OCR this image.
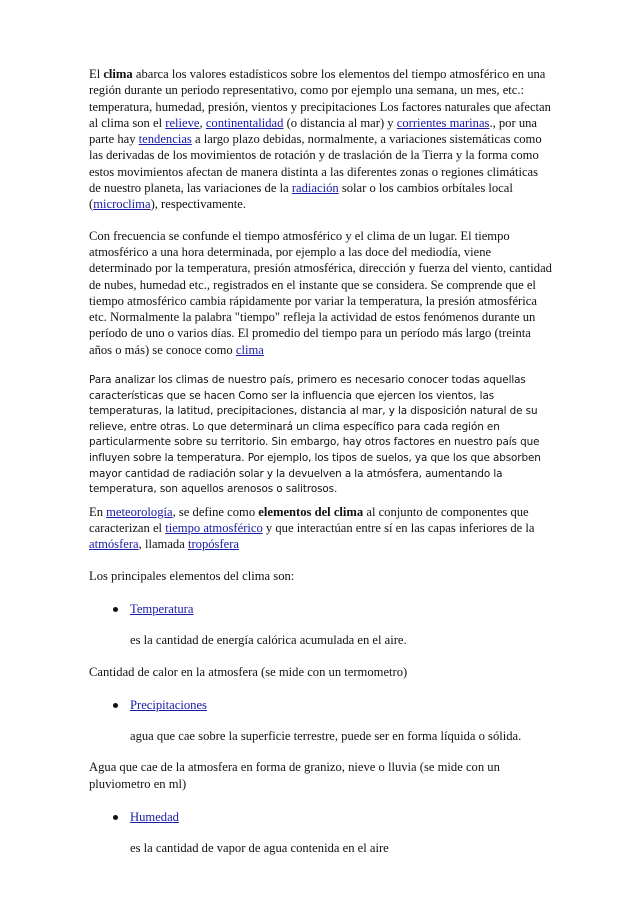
El clima abarca los valores estadísticos sobre los elementos del tiempo atmosférico en una región durante un periodo representativo, como por ejemplo una semana, un mes, etc.: temperatura, humedad, presión, vientos y precipitaciones Los factores naturales que afectan al clima son el relieve, continentalidad (o distancia al mar) y corrientes marinas., por una parte hay tendencias a largo plazo debidas, normalmente, a variaciones sistemáticas como las derivadas de los movimientos de rotación y de traslación de la Tierra y la forma como estos movimientos afectan de manera distinta a las diferentes zonas o regiones climáticas de nuestro planeta, las variaciones de la radiación solar o los cambios orbítales local (microclima), respectivamente.

Con frecuencia se confunde el tiempo atmosférico y el clima de un lugar. El tiempo atmosférico a una hora determinada, por ejemplo a las doce del mediodía, viene determinado por la temperatura, presión atmosférica, dirección y fuerza del viento, cantidad de nubes, humedad etc., registrados en el instante que se considera. Se comprende que el tiempo atmosférico cambia rápidamente por variar la temperatura, la presión atmosférica etc. Normalmente la palabra "tiempo" refleja la actividad de estos fenómenos durante un período de uno o varios días. El promedio del tiempo para un período más largo (treinta años o más) se conoce como clima

Para analizar los climas de nuestro país, primero es necesario conocer todas aquellas características que se hacen Como ser la influencia que ejercen los vientos, las temperaturas, la latitud, precipitaciones, distancia al mar, y la disposición natural de su relieve, entre otras. Lo que determinará un clima específico para cada región en particularmente sobre su territorio. Sin embargo, hay otros factores en nuestro país que influyen sobre la temperatura. Por ejemplo, los tipos de suelos, ya que los que absorben mayor cantidad de radiación solar y la devuelven a la atmósfera, aumentando la temperatura, son aquellos arenosos o salitrosos.

En meteorología, se define como elementos del clima al conjunto de componentes que caracterizan el tiempo atmosférico y que interactúan entre sí en las capas inferiores de la atmósfera, llamada tropósfera

Los principales elementos del clima son:

Temperatura

es la cantidad de energía calórica acumulada en el aire.

Cantidad de calor en la atmosfera (se mide con un termometro)

Precipitaciones

agua que cae sobre la superficie terrestre, puede ser en forma líquida o sólida.

Agua que cae de la atmosfera en forma de granizo, nieve o lluvia (se mide con un pluviometro en ml)

Humedad

es la cantidad de vapor de agua contenida en el aire
